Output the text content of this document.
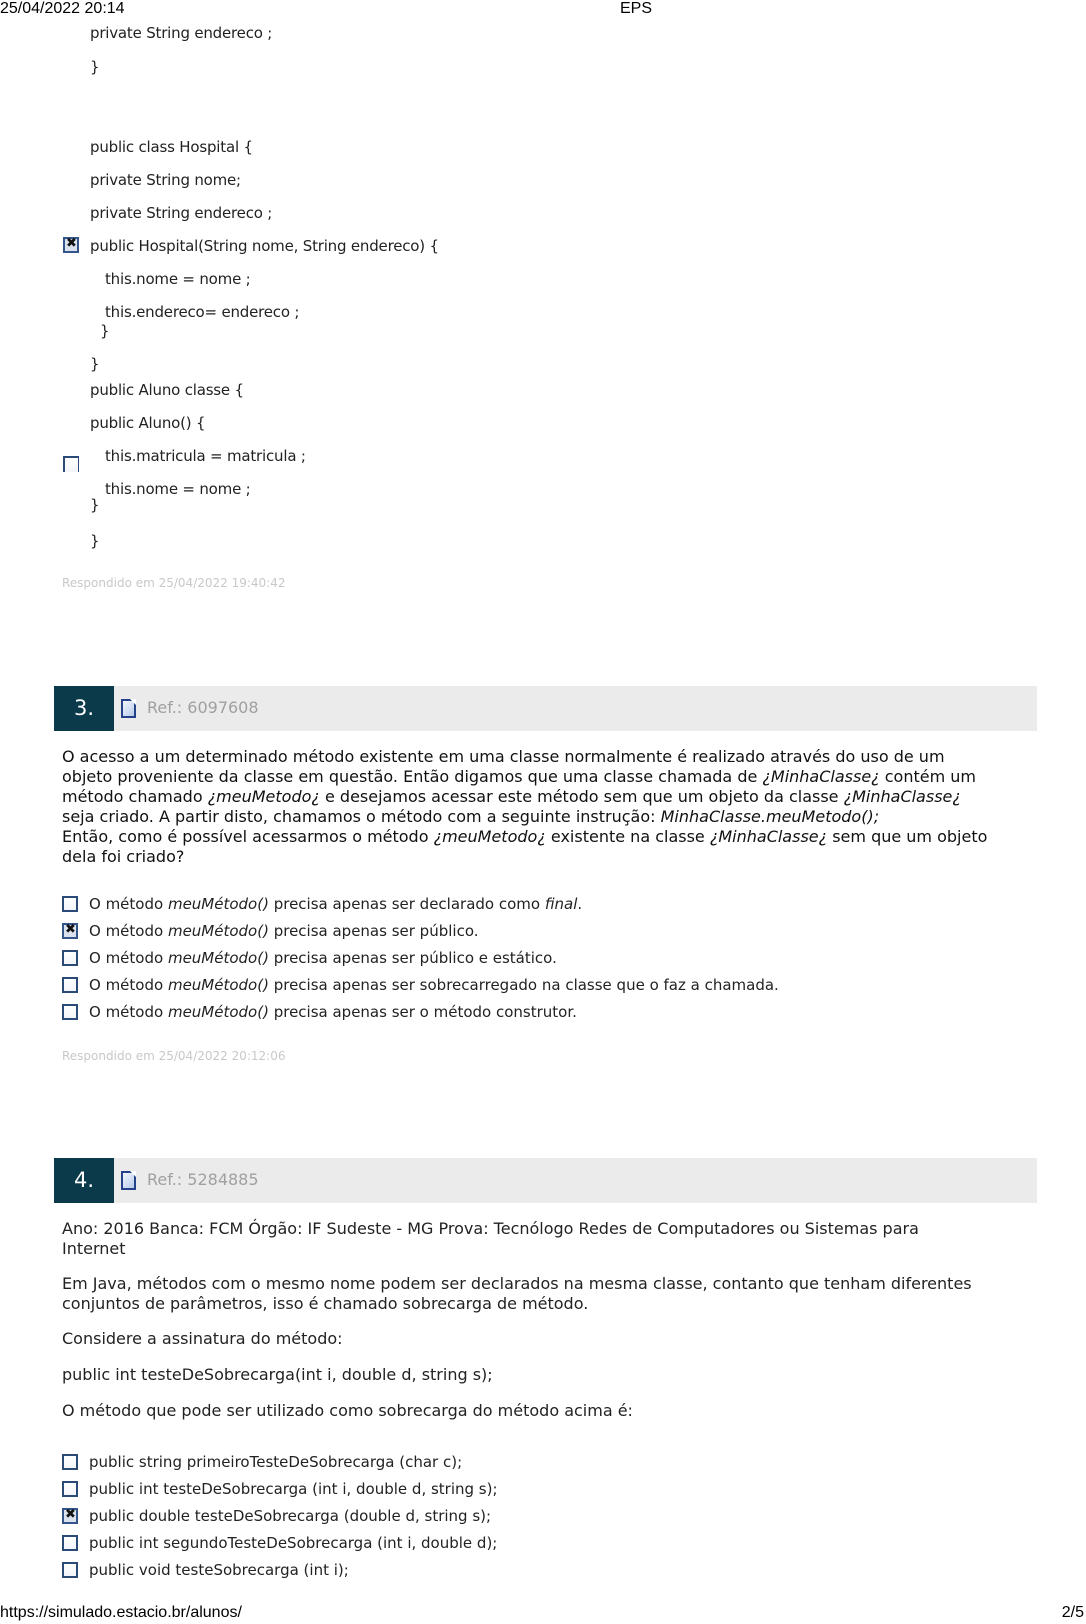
25/04/2022 20:14	EPS
private String endereco ;
}
public class Hospital {
private String nome;
private String endereco ;
✖
public Hospital(String nome, String endereco) {
this.nome = nome ;
this.endereco= endereco ;
}
}
public Aluno classe {
public Aluno() {
this.matricula = matricula ;
this.nome = nome ;
}
}
Respondido em 25/04/2022 19:40:42
3.	Ref.: 6097608
O acesso a um determinado método existente em uma classe normalmente é realizado através do uso de um
objeto proveniente da classe em questão. Então digamos que uma classe chamada de ¿MinhaClasse¿ contém um
método chamado ¿meuMetodo¿ e desejamos acessar este método sem que um objeto da classe ¿MinhaClasse¿
seja criado. A partir disto, chamamos o método com a seguinte instrução: MinhaClasse.meuMetodo();
Então, como é possível acessarmos o método ¿meuMetodo¿ existente na classe ¿MinhaClasse¿ sem que um objeto
dela foi criado?
O método meuMétodo() precisa apenas ser declarado como final.
✖
O método meuMétodo() precisa apenas ser público.
O método meuMétodo() precisa apenas ser público e estático.
O método meuMétodo() precisa apenas ser sobrecarregado na classe que o faz a chamada.
O método meuMétodo() precisa apenas ser o método construtor.
Respondido em 25/04/2022 20:12:06
4.	Ref.: 5284885
Ano: 2016 Banca: FCM Órgão: IF Sudeste - MG Prova: Tecnólogo Redes de Computadores ou Sistemas para
Internet
Em Java, métodos com o mesmo nome podem ser declarados na mesma classe, contanto que tenham diferentes
conjuntos de parâmetros, isso é chamado sobrecarga de método.
Considere a assinatura do método:
public int testeDeSobrecarga(int i, double d, string s);
O método que pode ser utilizado como sobrecarga do método acima é:
public string primeiroTesteDeSobrecarga (char c);
public int testeDeSobrecarga (int i, double d, string s);
✖
public double testeDeSobrecarga (double d, string s);
public int segundoTesteDeSobrecarga (int i, double d);
public void testeSobrecarga (int i);
https://simulado.estacio.br/alunos/	2/5
